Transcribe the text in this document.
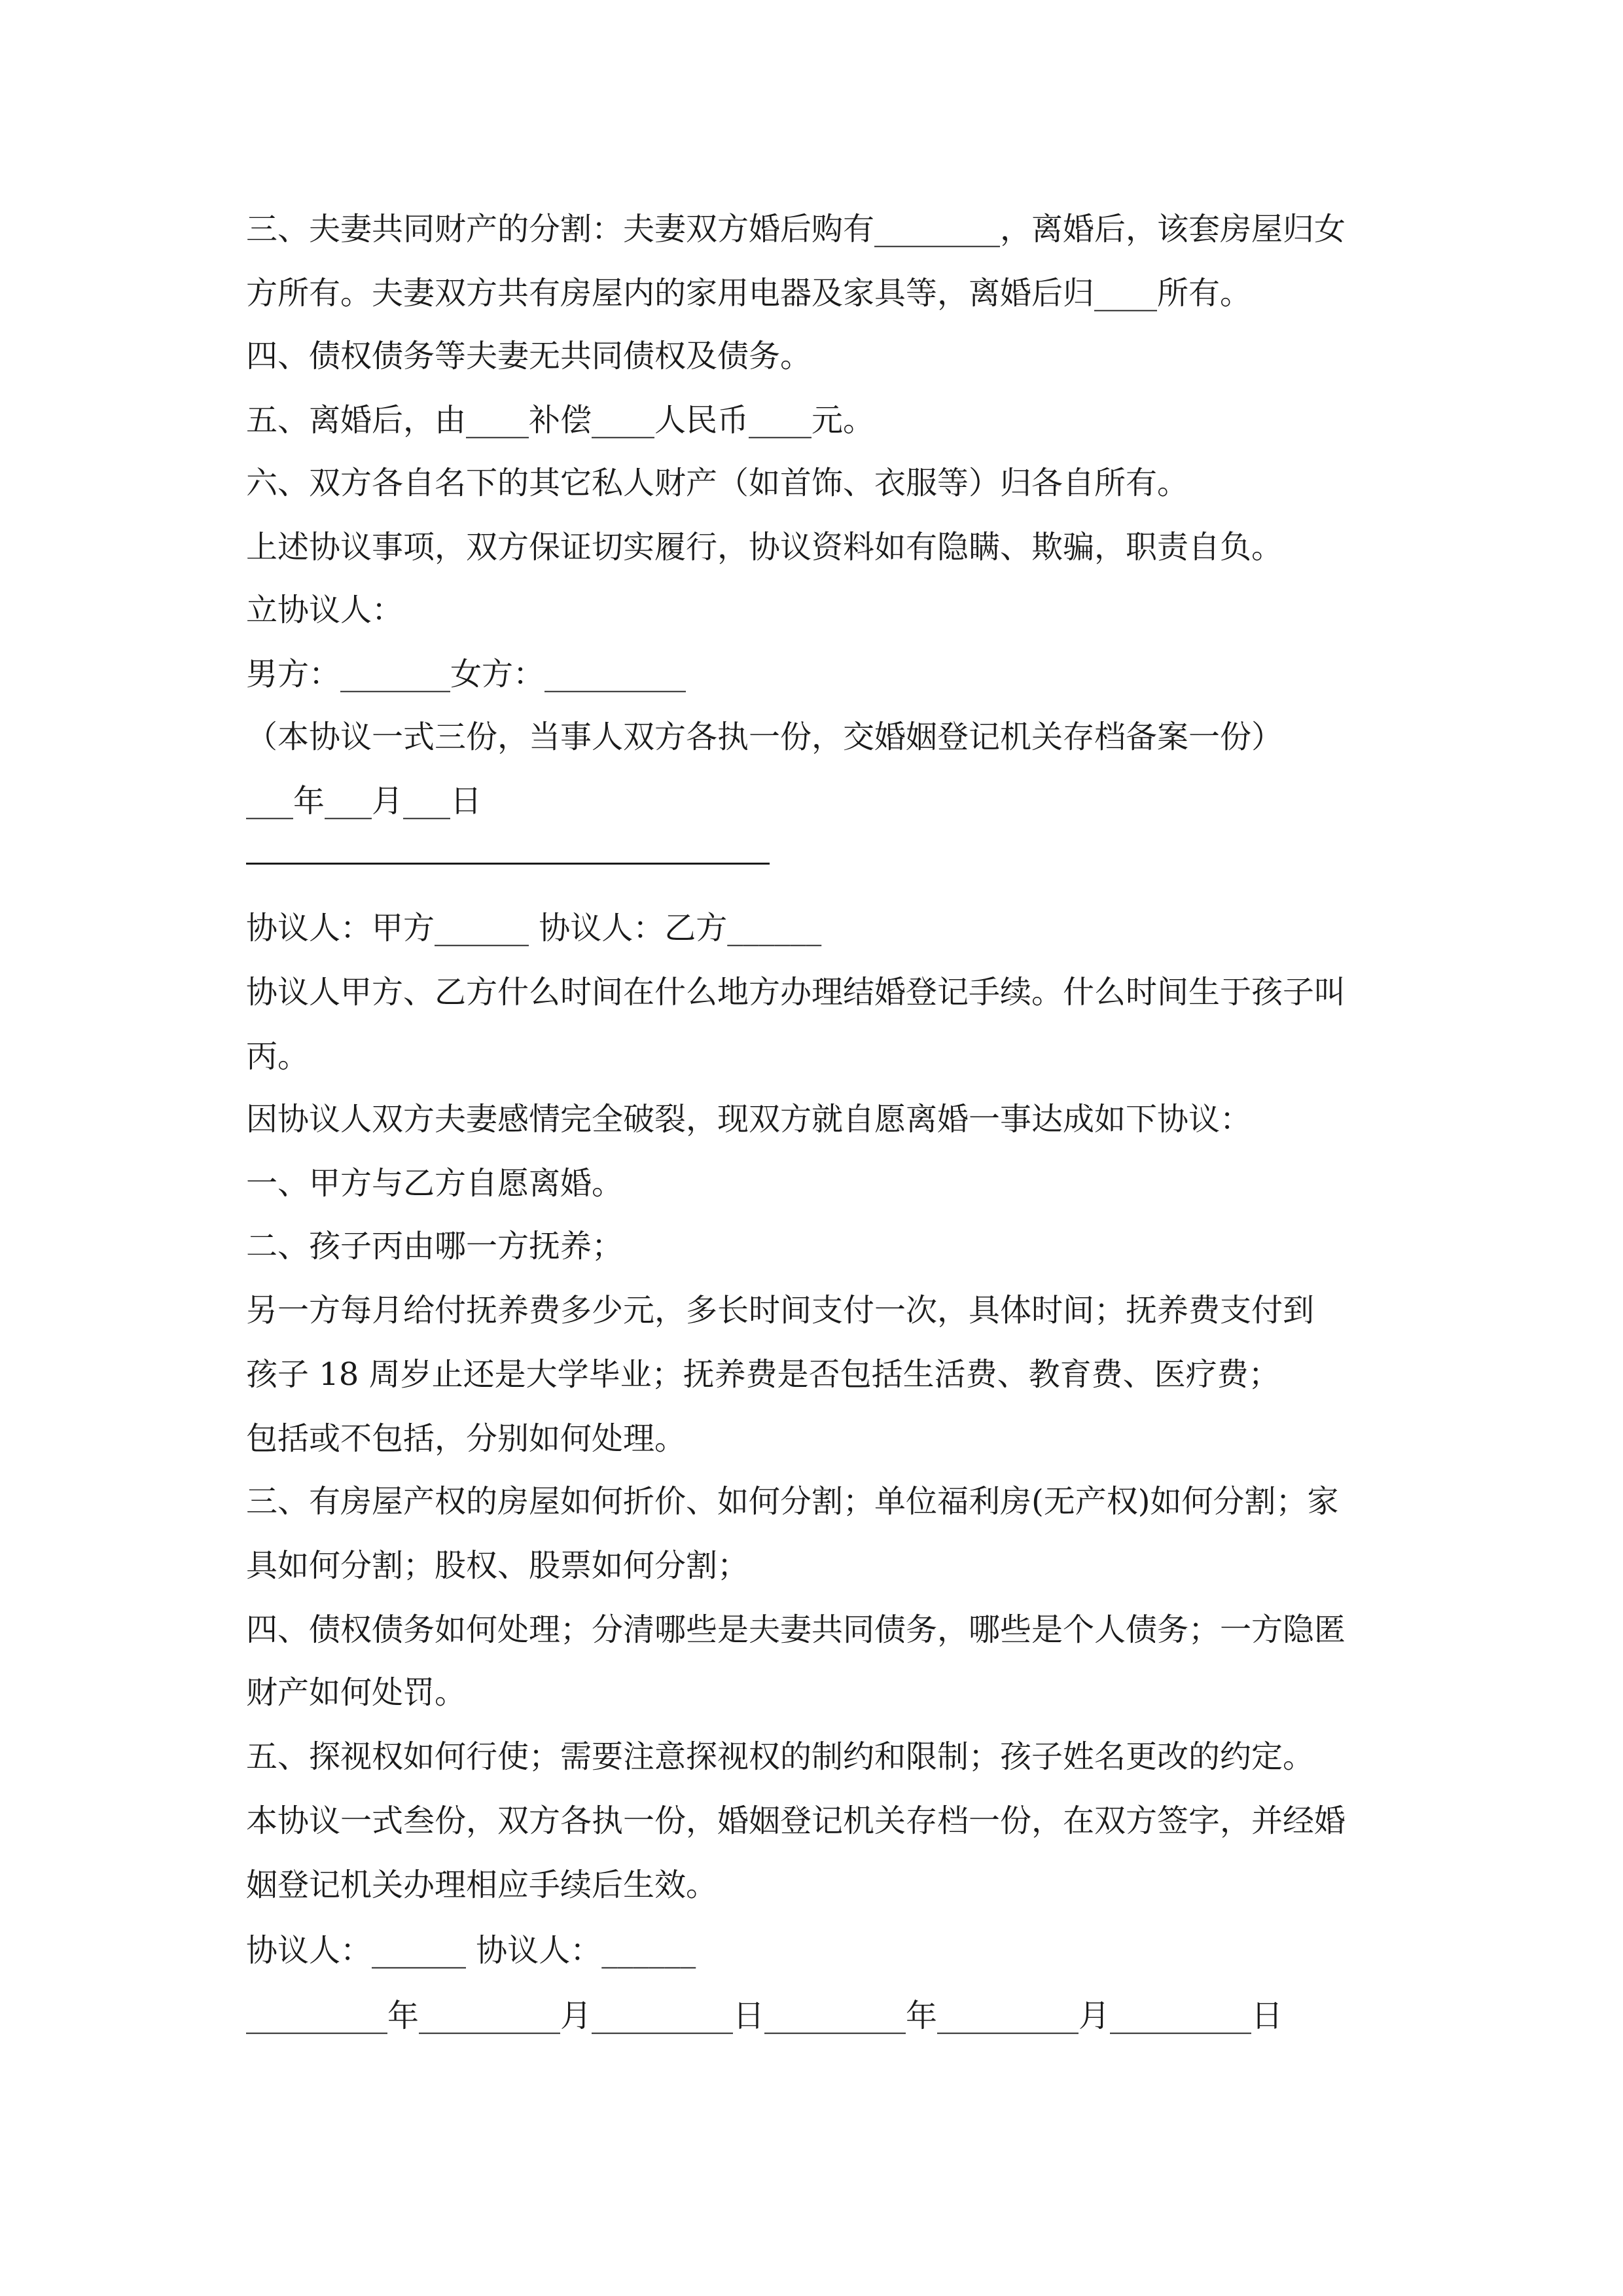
三、夫妻共同财产的分割：夫妻双方婚后购有________，离婚后，该套房屋归女
方所有。夫妻双方共有房屋内的家用电器及家具等，离婚后归____所有。
四、债权债务等夫妻无共同债权及债务。
五、离婚后，由____补偿____人民币____元。
六、双方各自名下的其它私人财产（如首饰、衣服等）归各自所有。
上述协议事项，双方保证切实履行，协议资料如有隐瞒、欺骗，职责自负。
立协议人：
男方：_______女方：_________
（本协议一式三份，当事人双方各执一份，交婚姻登记机关存档备案一份）
___年___月___日
协议人：甲方______ 协议人：乙方______
协议人甲方、乙方什么时间在什么地方办理结婚登记手续。什么时间生于孩子叫
丙。
因协议人双方夫妻感情完全破裂，现双方就自愿离婚一事达成如下协议：
一、甲方与乙方自愿离婚。
二、孩子丙由哪一方抚养；
另一方每月给付抚养费多少元，多长时间支付一次，具体时间；抚养费支付到
孩子 18 周岁止还是大学毕业；抚养费是否包括生活费、教育费、医疗费；
包括或不包括，分别如何处理。
三、有房屋产权的房屋如何折价、如何分割；单位福利房(无产权)如何分割；家
具如何分割；股权、股票如何分割；
四、债权债务如何处理；分清哪些是夫妻共同债务，哪些是个人债务；一方隐匿
财产如何处罚。
五、探视权如何行使；需要注意探视权的制约和限制；孩子姓名更改的约定。
本协议一式叁份，双方各执一份，婚姻登记机关存档一份，在双方签字，并经婚
姻登记机关办理相应手续后生效。
协议人：______ 协议人：______
_________年_________月_________日_________年_________月_________日
